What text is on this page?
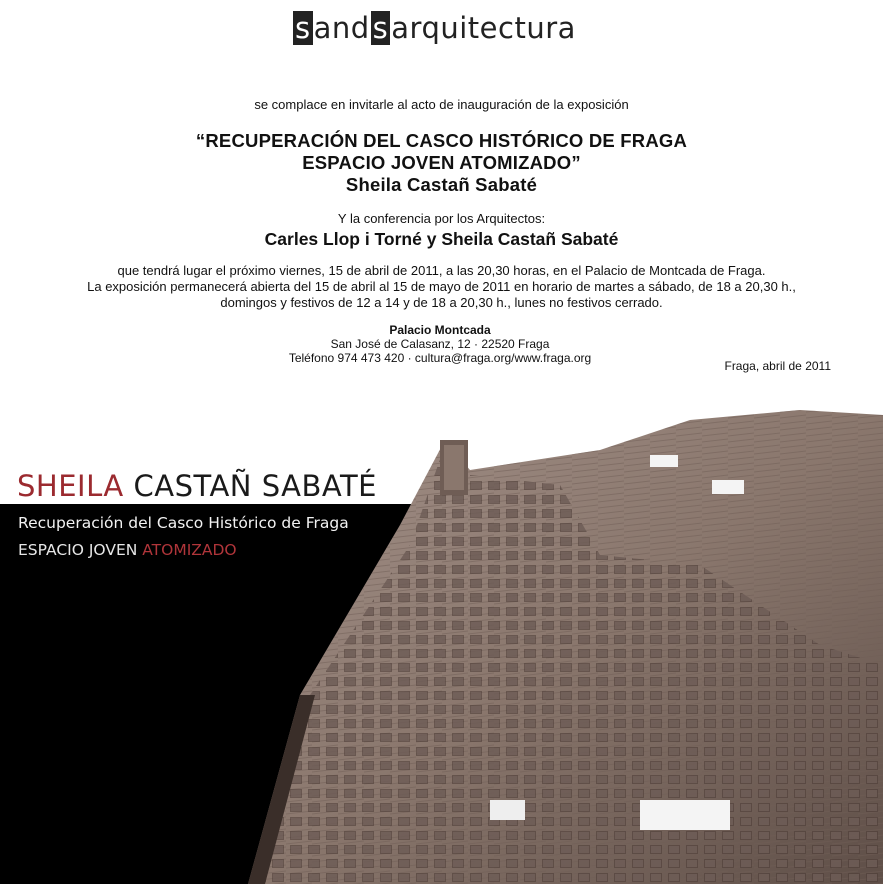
s and s arquitectura
se complace en invitarle al acto de inauguración de la exposición
“RECUPERACIÓN DEL CASCO HISTÓRICO DE FRAGA
ESPACIO JOVEN ATOMIZADO”
Sheila Castañ Sabaté
Y la conferencia por los Arquitectos:
Carles Llop i Torné y Sheila Castañ Sabaté
que tendrá lugar el próximo viernes, 15 de abril de 2011, a las 20,30 horas, en el Palacio de Montcada de Fraga.
La exposición permanecerá abierta del 15 de abril al 15 de mayo de 2011 en horario de martes a sábado, de 18 a 20,30 h.,
domingos y festivos de 12 a 14 y de 18 a 20,30 h., lunes no festivos cerrado.
Palacio Montcada
San José de Calasanz, 12 · 22520 Fraga
Teléfono 974 473 420 · cultura@fraga.org/www.fraga.org
Fraga, abril de 2011
SHEILA CASTAÑ SABATÉ
Recuperación del Casco Histórico de Fraga
ESPACIO JOVEN ATOMIZADO
